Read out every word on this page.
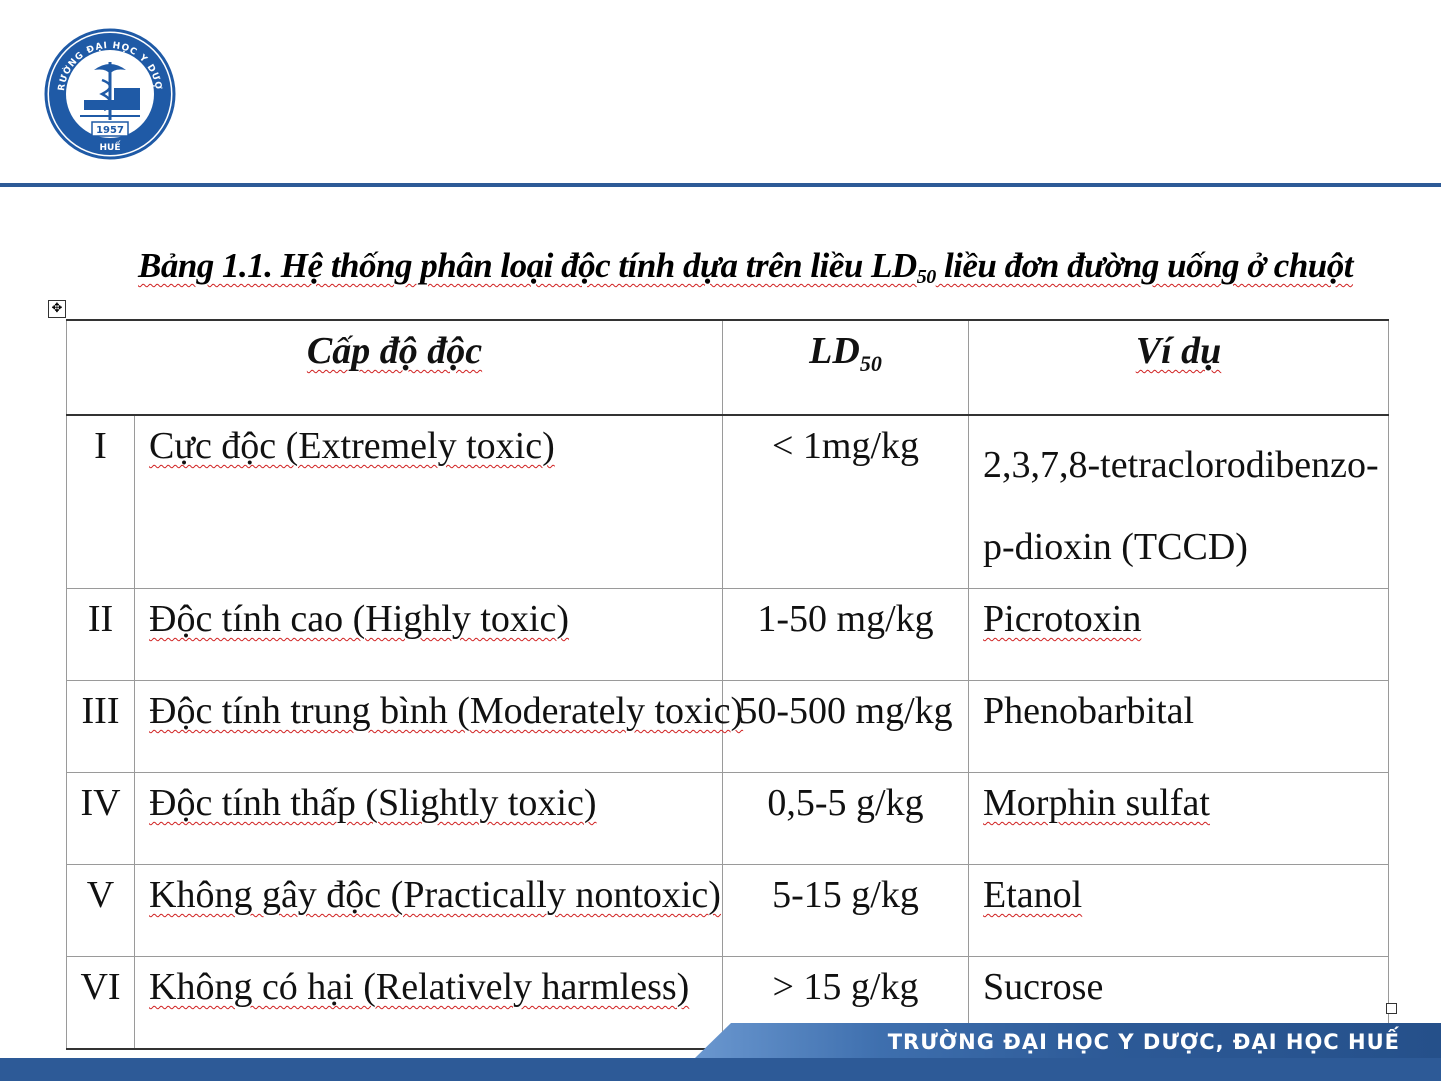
RƯỜNG ĐẠI HỌC Y DƯỢ
1957
HUẾ
Bảng 1.1. Hệ thống phân loại độc tính dựa trên liều $LD_{50}$ liều đơn đường uống ở chuột
✥
Cấp độ độc		$LD_{50}$	Ví dụ
I	Cực độc (Extremely toxic)	< 1mg/kg	2,3,7,8-tetraclorodibenzo-
p-dioxin (TCCD)
II	Độc tính cao (Highly toxic)	1-50 mg/kg	Picrotoxin
III	Độc tính trung bình (Moderately toxic)	50-500 mg/kg	Phenobarbital
IV	Độc tính thấp (Slightly toxic)	0,5-5 g/kg	Morphin sulfat
V	Không gây độc (Practically nontoxic)	5-15 g/kg	Etanol
VI	Không có hại (Relatively harmless)	> 15 g/kg	Sucrose
TRƯỜNG ĐẠI HỌC Y DƯỢC, ĐẠI HỌC HUẾ
